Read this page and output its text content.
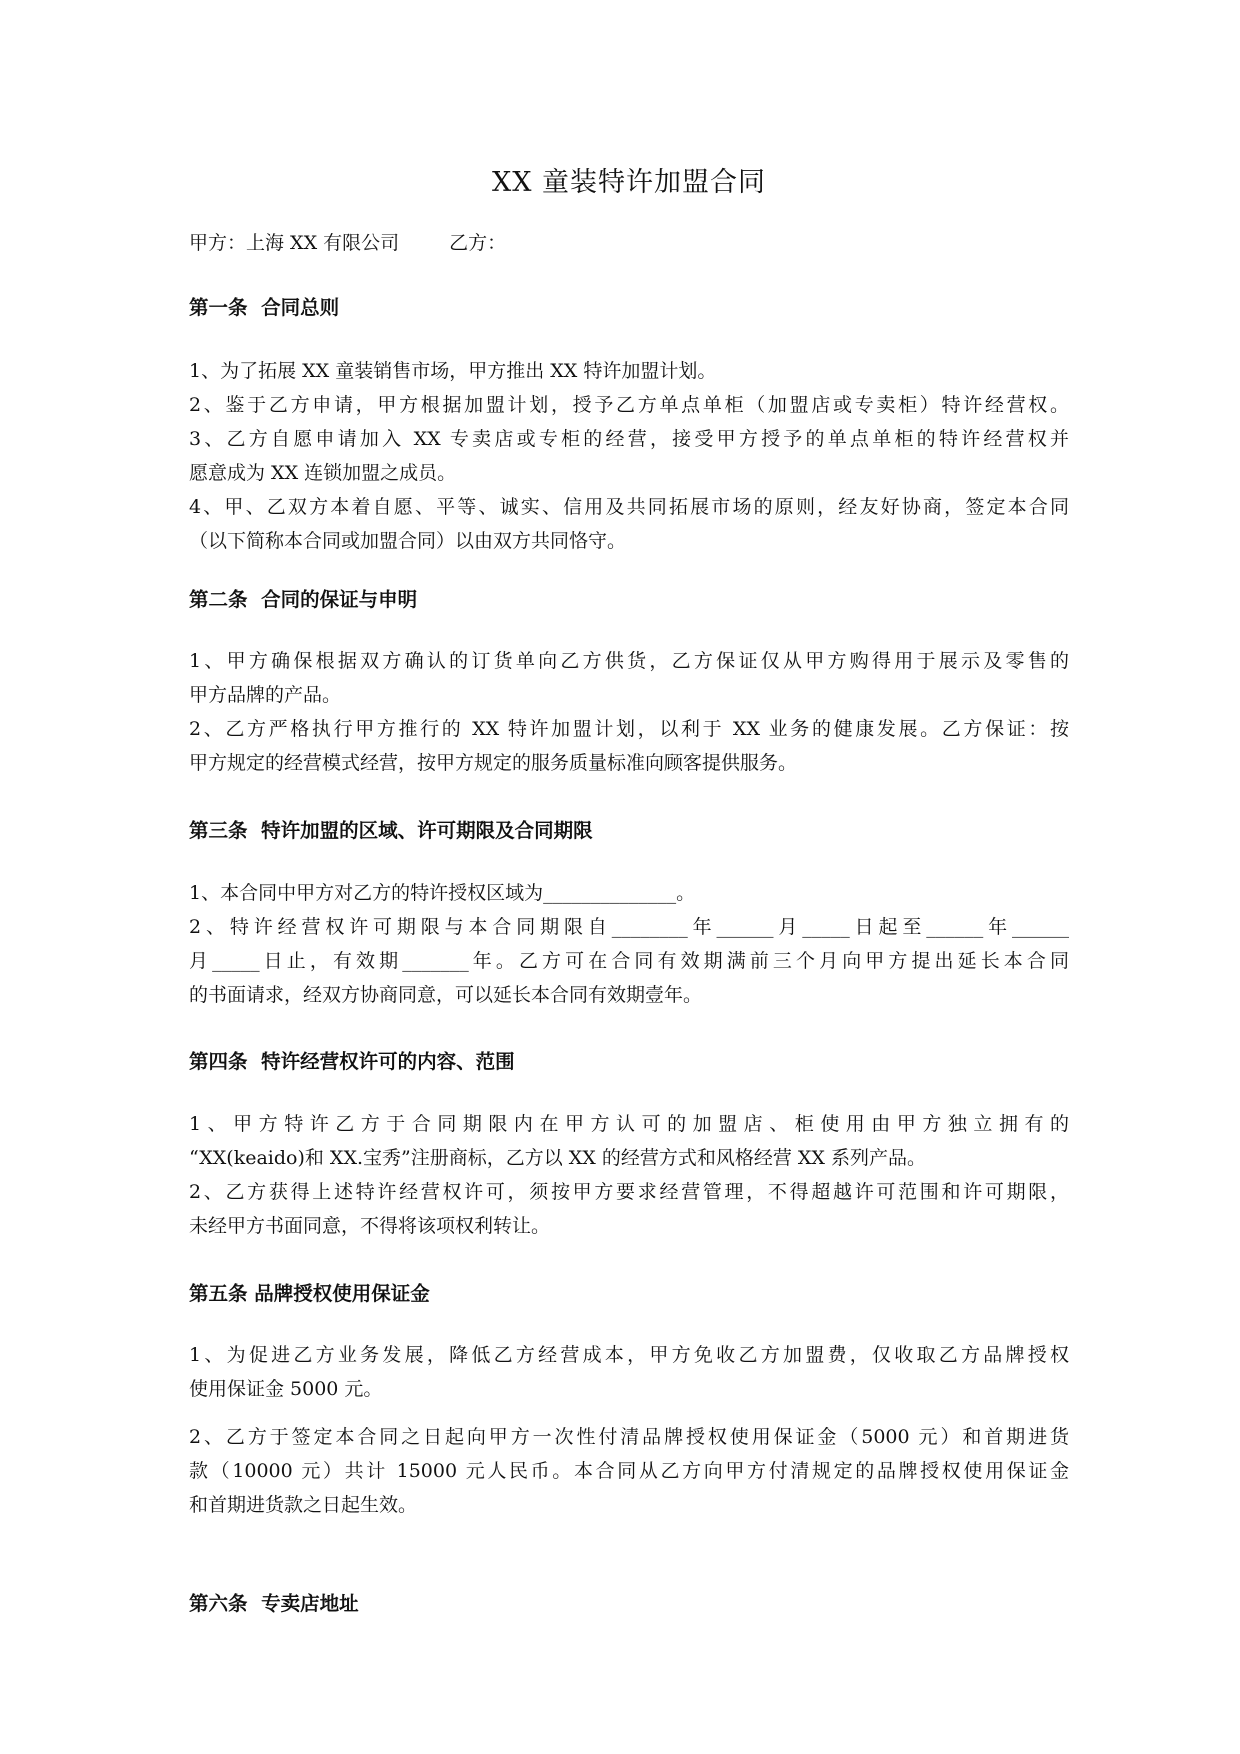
XX 童装特许加盟合同
甲方：上海 XX 有限公司	乙方：
第一条  合同总则
1、为了拓展 XX 童装销售市场，甲方推出 XX 特许加盟计划。
2、鉴于乙方申请，甲方根据加盟计划，授予乙方单点单柜（加盟店或专卖柜）特许经营权。
3、乙方自愿申请加入 XX 专卖店或专柜的经营，接受甲方授予的单点单柜的特许经营权并
愿意成为 XX 连锁加盟之成员。
4、甲、乙双方本着自愿、平等、诚实、信用及共同拓展市场的原则，经友好协商，签定本合同
（以下简称本合同或加盟合同）以由双方共同恪守。
第二条  合同的保证与申明
1、甲方确保根据双方确认的订货单向乙方供货，乙方保证仅从甲方购得用于展示及零售的
甲方品牌的产品。
2、乙方严格执行甲方推行的 XX 特许加盟计划，以利于 XX 业务的健康发展。乙方保证：按
甲方规定的经营模式经营，按甲方规定的服务质量标准向顾客提供服务。
第三条  特许加盟的区域、许可期限及合同期限
1、本合同中甲方对乙方的特许授权区域为______________。
2、特许经营权许可期限与本合同期限自________年______月_____日起至______年______
月_____日止，有效期_______年。乙方可在合同有效期满前三个月向甲方提出延长本合同
的书面请求，经双方协商同意，可以延长本合同有效期壹年。
第四条  特许经营权许可的内容、范围
1、甲方特许乙方于合同期限内在甲方认可的加盟店、柜使用由甲方独立拥有的
“XX(keaido)和 XX.宝秀”注册商标，乙方以 XX 的经营方式和风格经营 XX 系列产品。
2、乙方获得上述特许经营权许可，须按甲方要求经营管理，不得超越许可范围和许可期限，
未经甲方书面同意，不得将该项权利转让。
第五条 品牌授权使用保证金
1、为促进乙方业务发展，降低乙方经营成本，甲方免收乙方加盟费，仅收取乙方品牌授权
使用保证金 5000 元。
2、乙方于签定本合同之日起向甲方一次性付清品牌授权使用保证金（5000 元）和首期进货
款（10000 元）共计 15000 元人民币。本合同从乙方向甲方付清规定的品牌授权使用保证金
和首期进货款之日起生效。
第六条  专卖店地址
